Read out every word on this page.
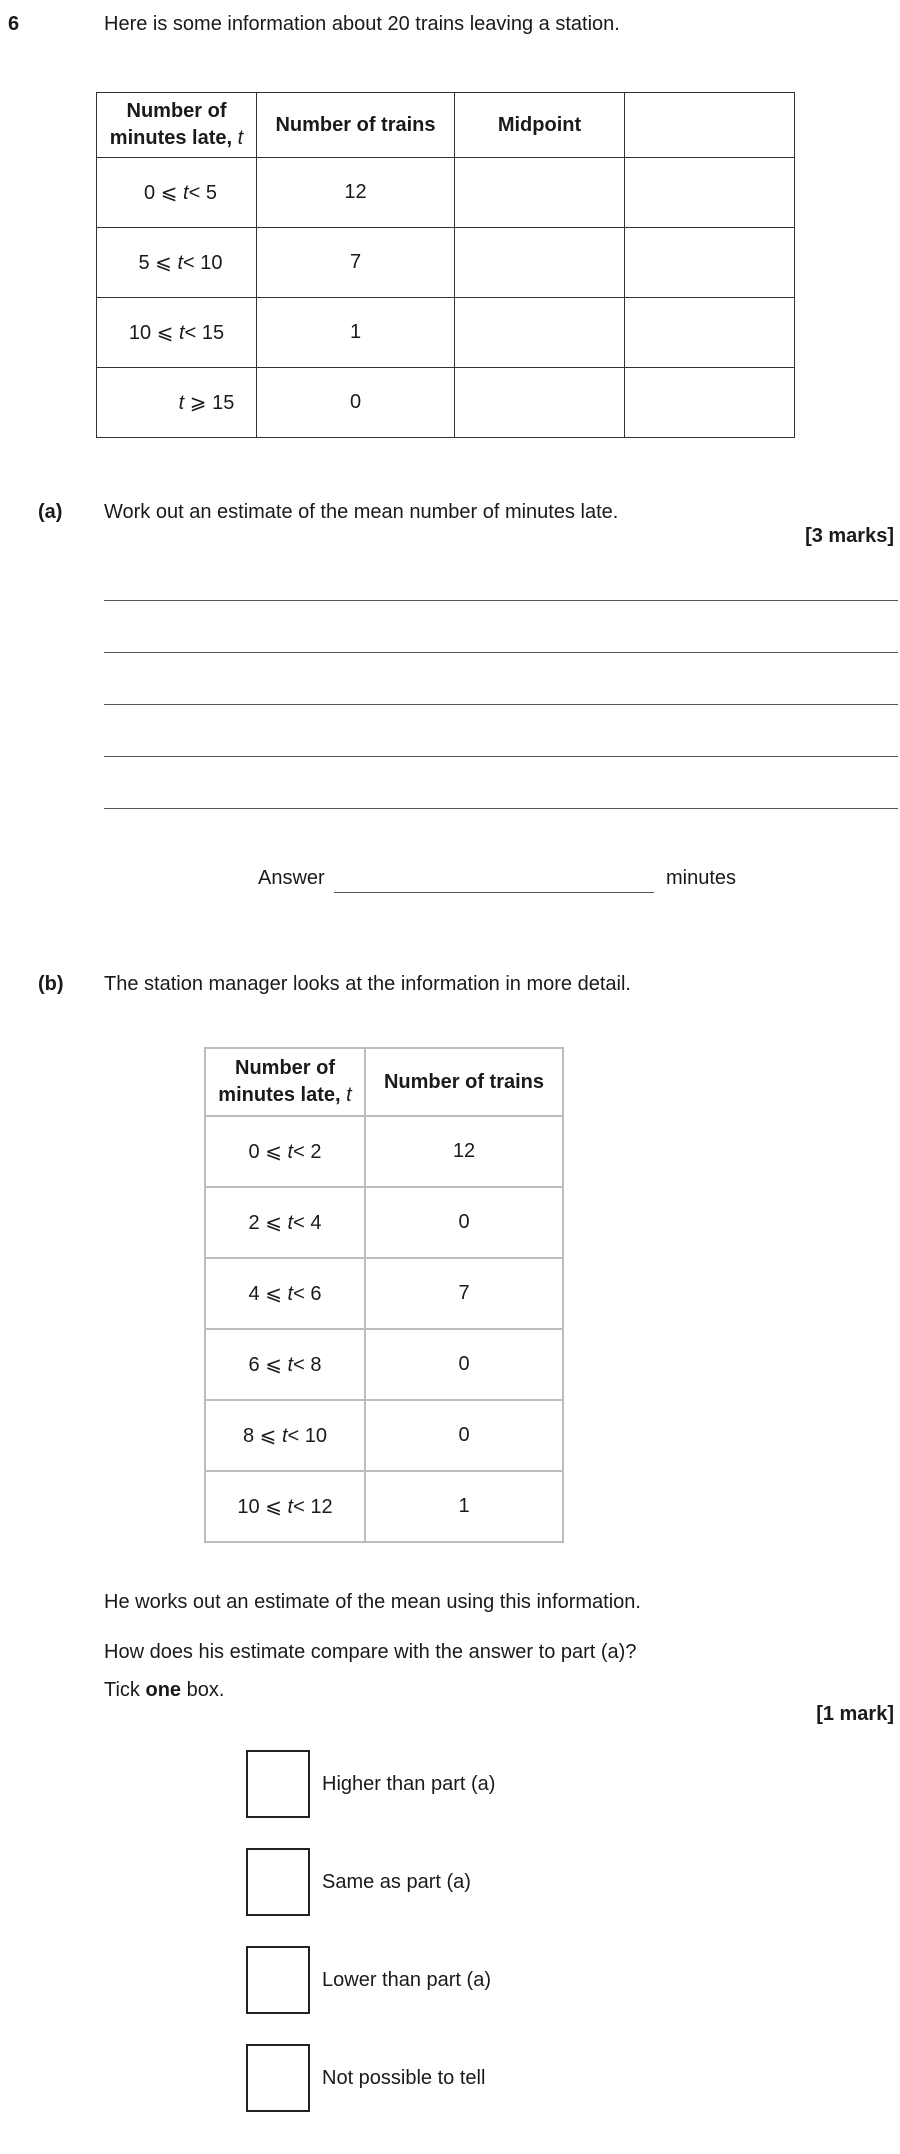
6	Here is some information about 20 trains leaving a station.
Number of
minutes late, t	Number of trains	Midpoint	
0 ⩽ t< 5	12		
5 ⩽ t< 10	7		
10 ⩽ t< 15	1		
t ⩾ 15	0		
(a) Work out an estimate of the mean number of minutes late.
[3 marks]
Answer	minutes
(b) The station manager looks at the information in more detail.
Number of
minutes late, t	Number of trains
0 ⩽ t< 2	12
2 ⩽ t< 4	0
4 ⩽ t< 6	7
6 ⩽ t< 8	0
8 ⩽ t< 10	0
10 ⩽ t< 12	1
He works out an estimate of the mean using this information.
How does his estimate compare with the answer to part (a)?
Tick one box.
[1 mark]
Higher than part (a)
Same as part (a)
Lower than part (a)
Not possible to tell
